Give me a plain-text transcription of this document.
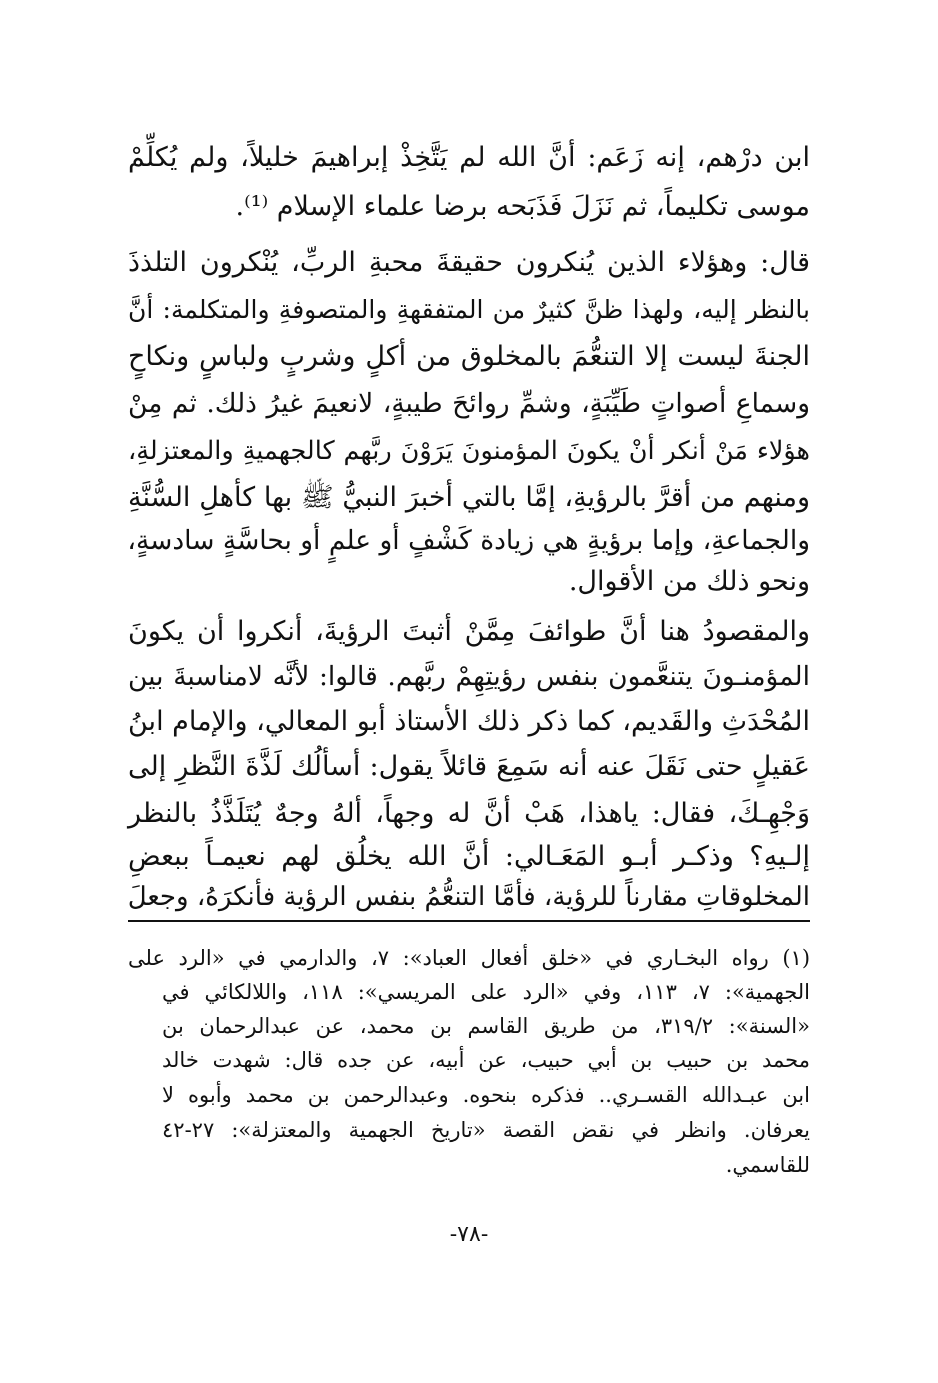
ابن درْهم، إنه زَعَم: أنَّ الله لم يَتَّخِذْ إبراهيمَ خليلاً، ولم يُكلِّمْ
موسى تكليماً، ثم نَزَلَ فَذَبَحه برضا علماء الإسلام ⁽¹⁾.
قال: وهؤلاء الذين يُنكرون حقيقةَ محبةِ الربِّ، يُنْكرون التلذذَ
بالنظر إليه، ولهذا ظنَّ كثيرٌ من المتفقهةِ والمتصوفةِ والمتكلمة: أنَّ
الجنةَ ليست إلا التنعُّمَ بالمخلوق من أكلٍ وشربٍ ولباسٍ ونكاحٍ
وسماعِ أصواتٍ طَيِّبَةٍ، وشمِّ روائحَ طيبةٍ، لانعيمَ غيرُ ذلك. ثم مِنْ
هؤلاء مَنْ أنكر أنْ يكونَ المؤمنونَ يَرَوْنَ ربَّهم كالجهميةِ والمعتزلةِ،
ومنهم من أقرَّ بالرؤيةِ، إمَّا بالتي أخبرَ النبيُّ ﷺ بها كأهلِ السُّنَّةِ
والجماعةِ، وإما برؤيةٍ هي زيادة كَشْفٍ أو علمٍ أو بحاسَّةٍ سادسةٍ،
ونحو ذلك من الأقوال.
والمقصودُ هنا أنَّ طوائفَ مِمَّنْ أثبتَ الرؤيةَ، أنكروا أن يكونَ
المؤمنـونَ يتنعَّمون بنفس رؤيتِهِمْ ربَّهم. قالوا: لأنَّه لامناسبةَ بين
المُحْدَثِ والقَديم، كما ذكر ذلك الأستاذ أبو المعالي، والإمام ابنُ
عَقيلٍ حتى نَقَلَ عنه أنه سَمِعَ قائلاً يقول: أسألُك لَذَّةَ النَّظرِ إلى
وَجْهِـكَ، فقال: ياهذا، هَبْ أنَّ له وجهاً، ألهُ وجهٌ يُتَلَذَّذُ بالنظر
إلـيهِ؟ وذكـر أبـو المَعَـالي: أنَّ الله يخلُق لهم نعيمـاً ببعضِ
المخلوقاتِ مقارناً للرؤية، فأمَّا التنعُّمُ بنفس الرؤية فأنكرَهُ، وجعلَ
(١) رواه البخـاري في «خلق أفعال العباد»: ٧، والدارمي في «الرد على
الجهمية»: ٧، ١١٣، وفي «الرد على المريسي»: ١١٨، واللالكائي في
«السنة»: ٣١٩/٢، من طريق القاسم بن محمد، عن عبدالرحمان بن
محمد بن حبيب بن أبي حبيب، عن أبيه، عن جده قال: شهدت خالد
ابن عبـدالله القسـري.. فذكره بنحوه. وعبدالرحمن بن محمد وأبوه لا
يعرفان. وانظر في نقض القصة «تاريخ الجهمية والمعتزلة»: ٢٧-٤٢
للقاسمي.
-٧٨-
